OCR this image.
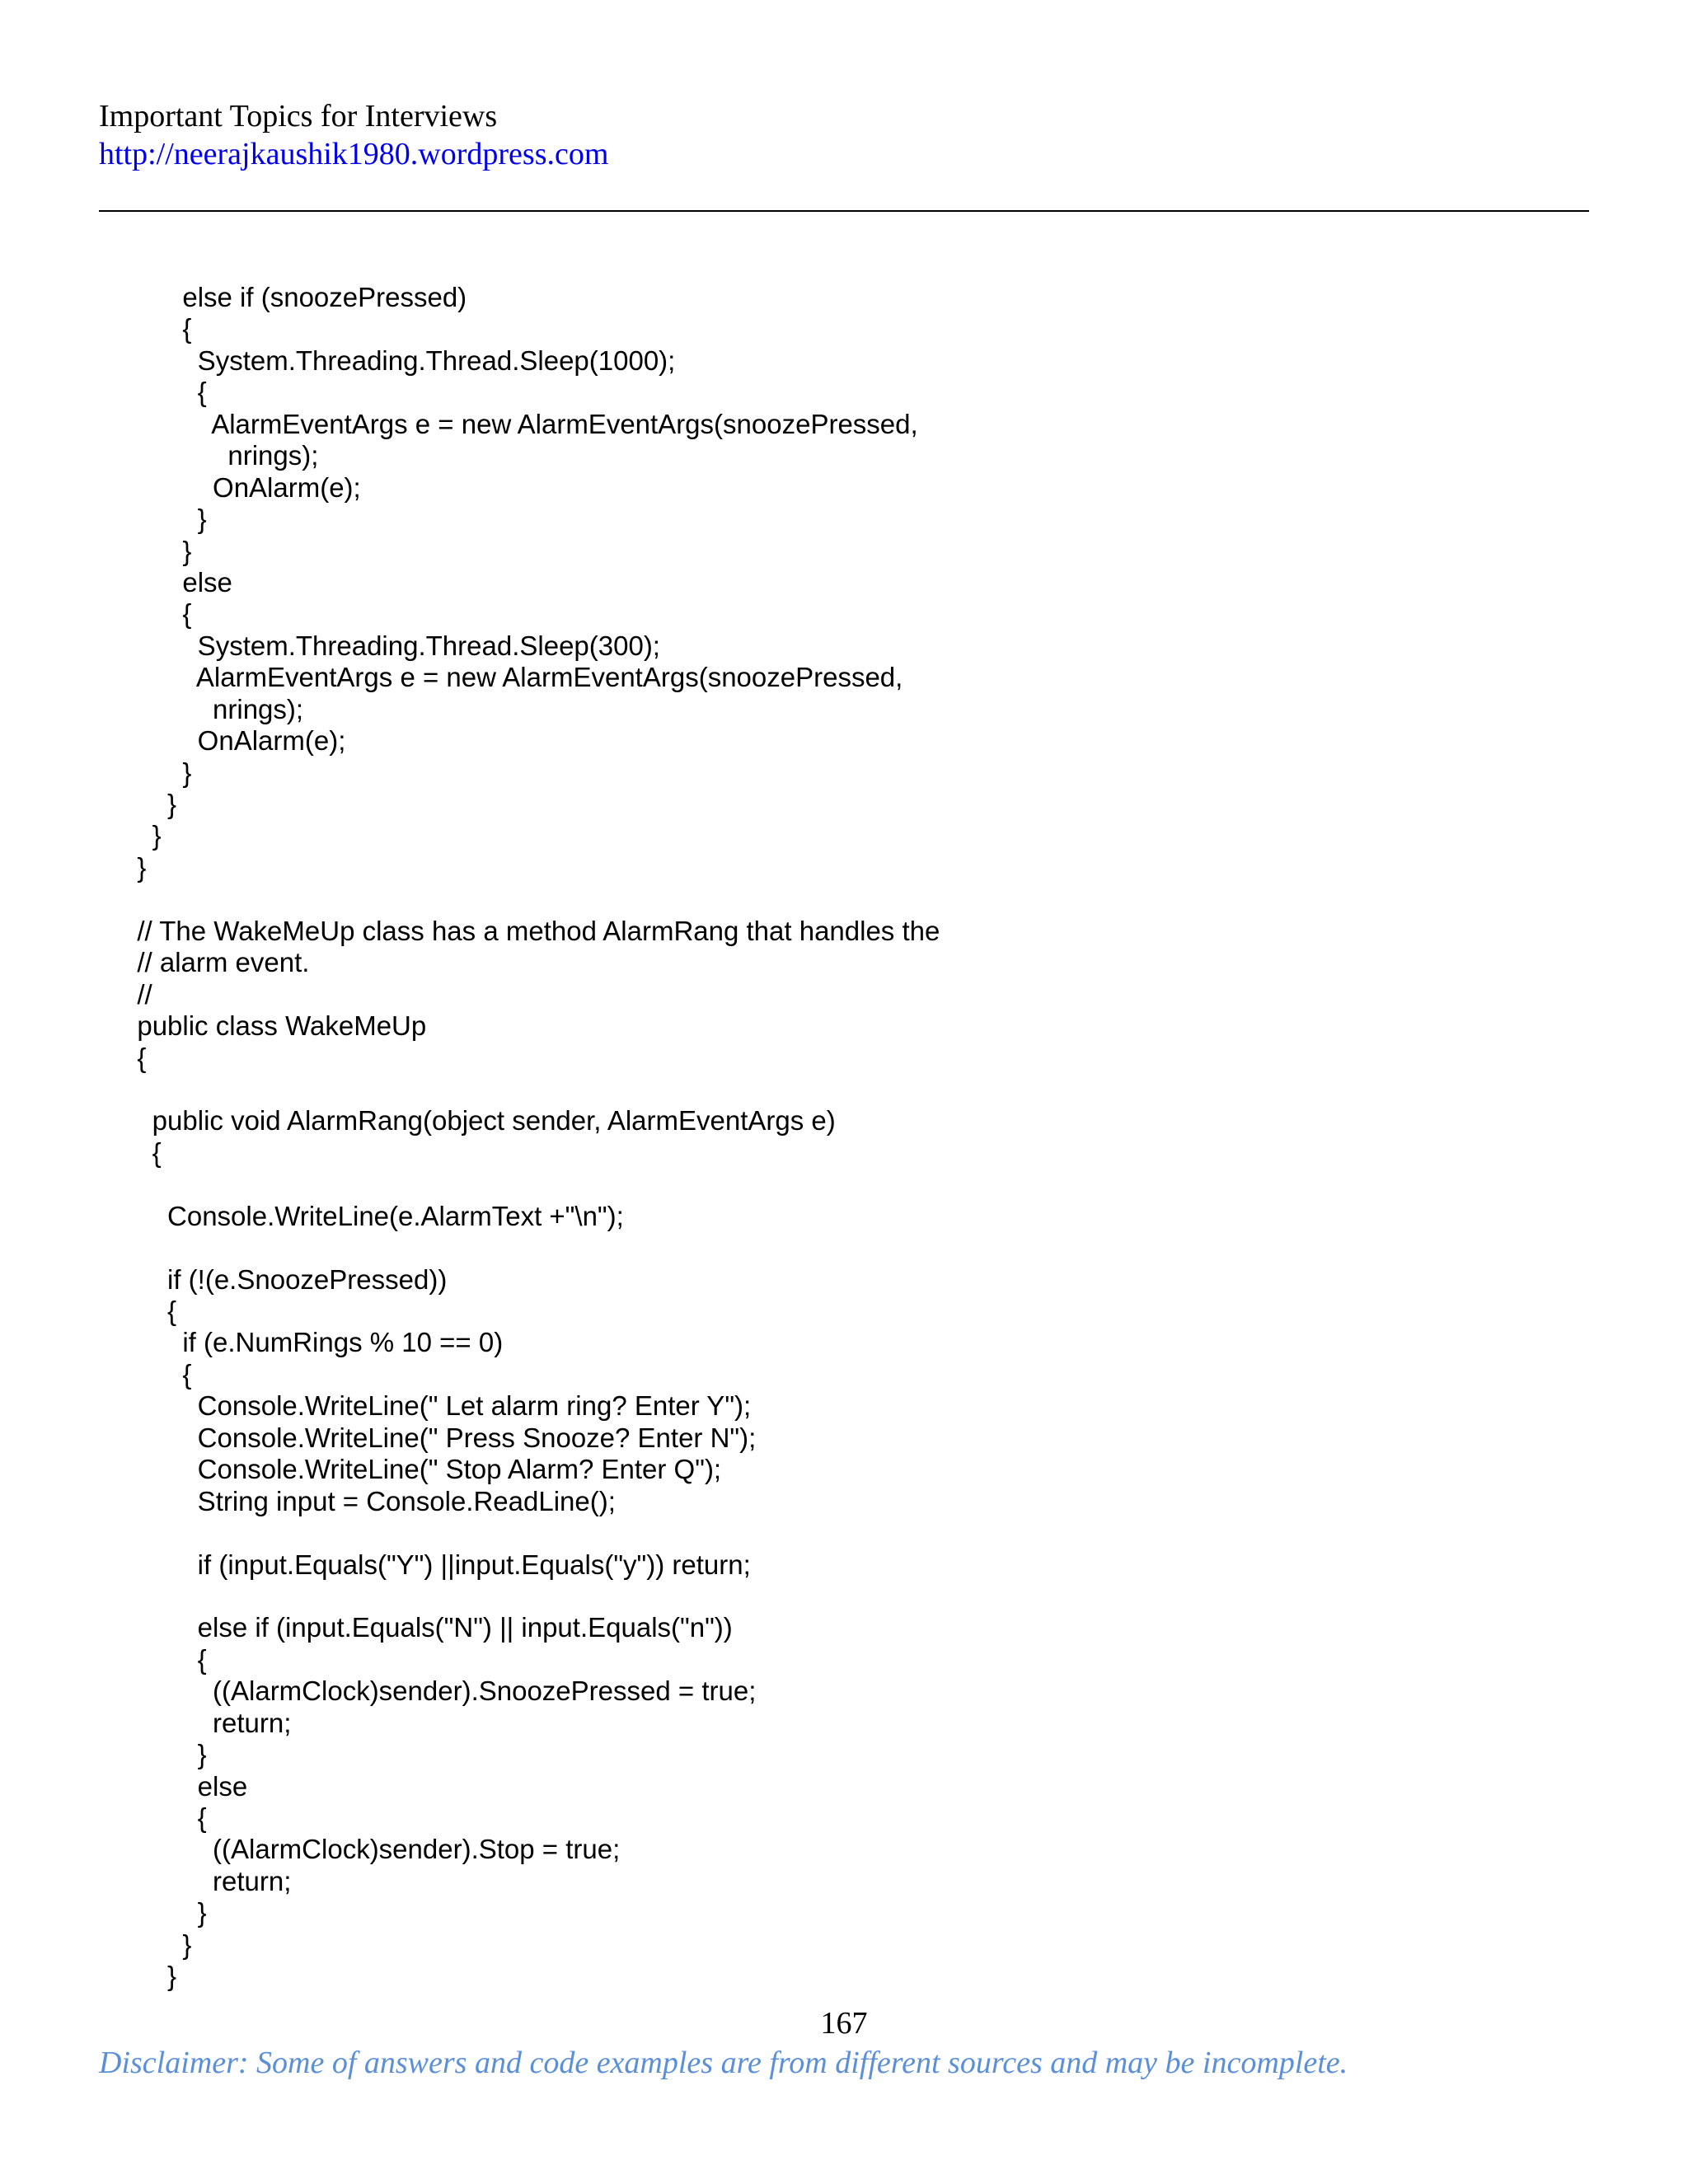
Important Topics for Interviews
http://neerajkaushik1980.wordpress.com
else if (snoozePressed)
{
System.Threading.Thread.Sleep(1000);
{
AlarmEventArgs e = new AlarmEventArgs(snoozePressed,
nrings);
OnAlarm(e);
}
}
else
{
System.Threading.Thread.Sleep(300);
AlarmEventArgs e = new AlarmEventArgs(snoozePressed,
nrings);
OnAlarm(e);
}
}
}
}
// The WakeMeUp class has a method AlarmRang that handles the
// alarm event.
//
public class WakeMeUp
{
public void AlarmRang(object sender, AlarmEventArgs e)
{
Console.WriteLine(e.AlarmText +"\n");
if (!(e.SnoozePressed))
{
if (e.NumRings % 10 == 0)
{
Console.WriteLine(" Let alarm ring? Enter Y");
Console.WriteLine(" Press Snooze? Enter N");
Console.WriteLine(" Stop Alarm? Enter Q");
String input = Console.ReadLine();
if (input.Equals("Y") ||input.Equals("y")) return;
else if (input.Equals("N") || input.Equals("n"))
{
((AlarmClock)sender).SnoozePressed = true;
return;
}
else
{
((AlarmClock)sender).Stop = true;
return;
}
}
}
167
Disclaimer: Some of answers and code examples are from different sources and may be incomplete.
